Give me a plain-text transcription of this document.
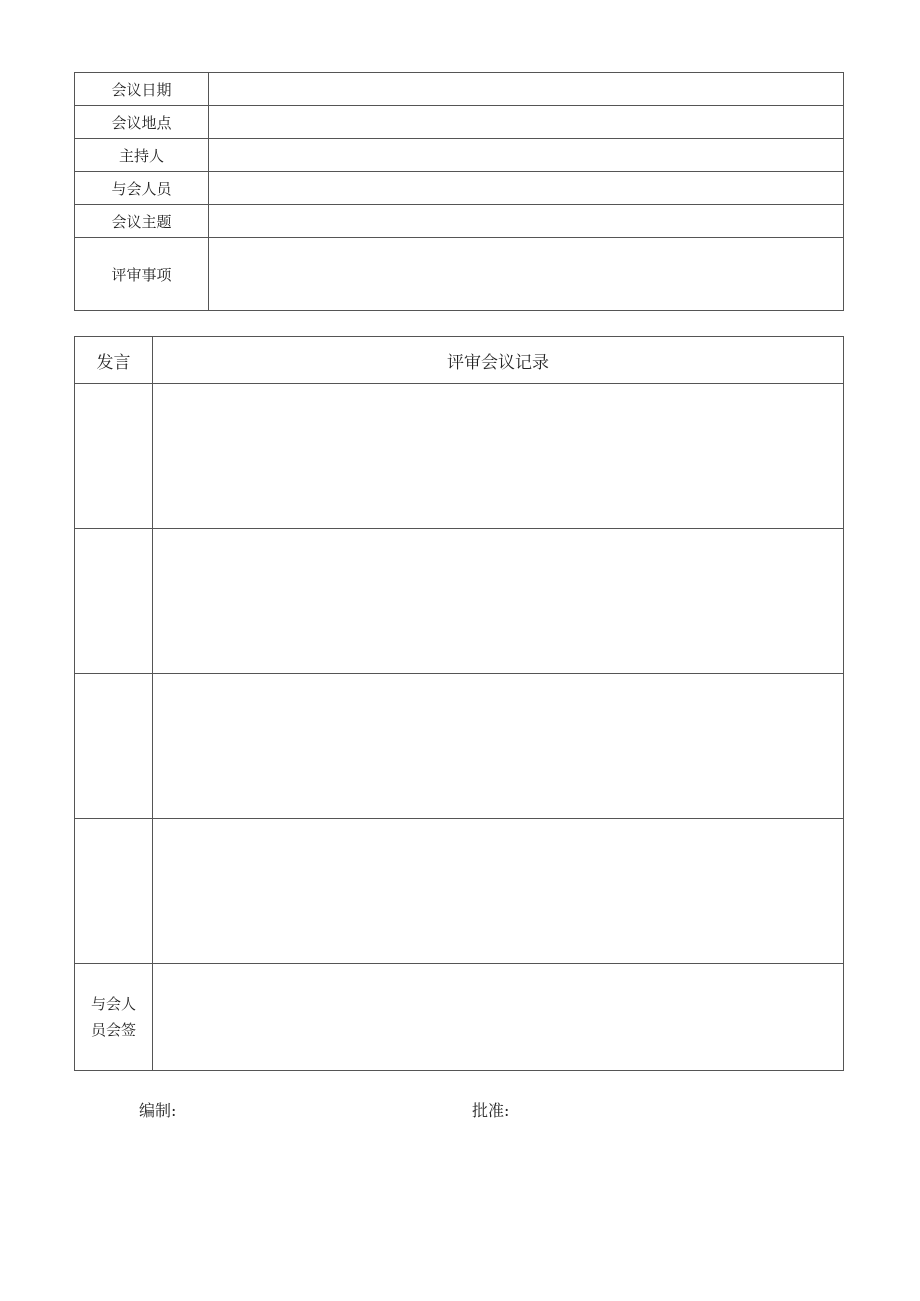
会议日期	
会议地点	
主持人	
与会人员	
会议主题	
评审事项	
发言	评审会议记录

与会人
员会签	

编制:	批准:
